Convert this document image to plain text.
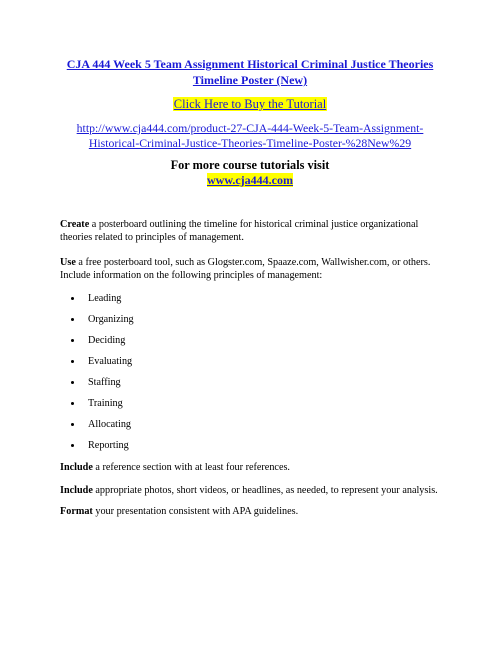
CJA 444 Week 5 Team Assignment Historical Criminal Justice Theories Timeline Poster (New)
Click Here to Buy the Tutorial
http://www.cja444.com/product-27-CJA-444-Week-5-Team-Assignment-Historical-Criminal-Justice-Theories-Timeline-Poster-%28New%29
For more course tutorials visit
www.cja444.com

Create a posterboard outlining the timeline for historical criminal justice organizational theories related to principles of management.

Use a free posterboard tool, such as Glogster.com, Spaaze.com, Wallwisher.com, or others. Include information on the following principles of management:

Leading
Organizing
Deciding
Evaluating
Staffing
Training
Allocating
Reporting

Include a reference section with at least four references.

Include appropriate photos, short videos, or headlines, as needed, to represent your analysis.

Format your presentation consistent with APA guidelines.
